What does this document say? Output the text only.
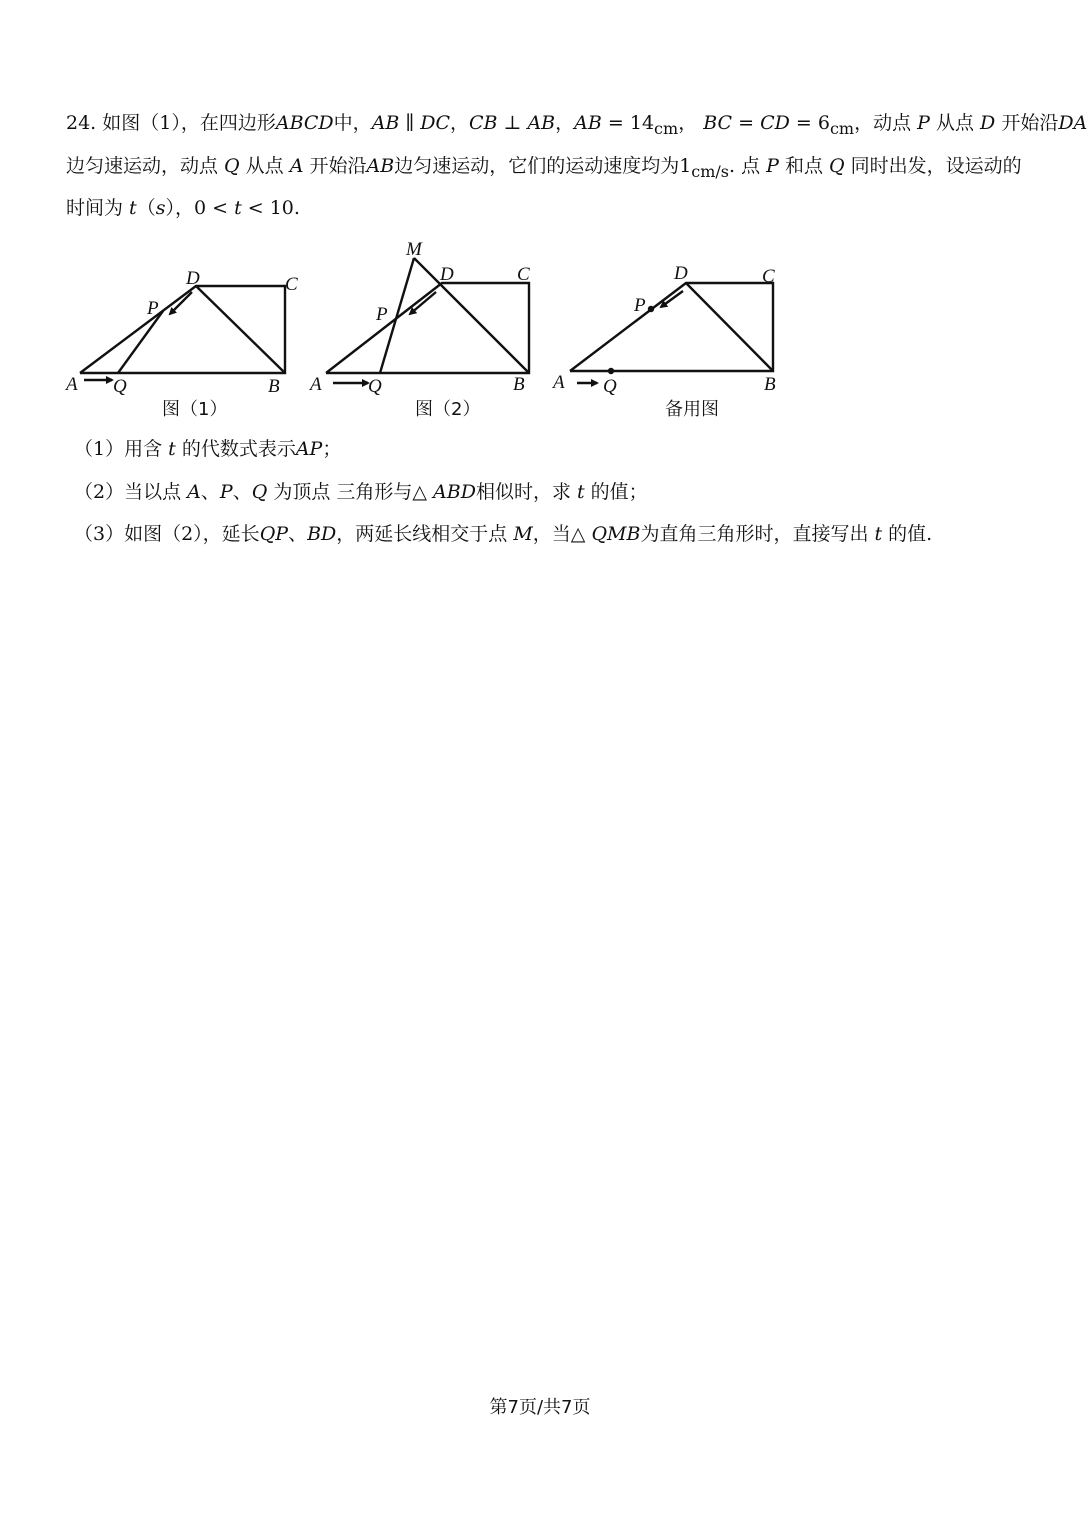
24. 如图（1），在四边形ABCD中，AB ∥ DC，CB ⊥ AB，AB = $14_{cm}$， BC = CD = $6_{cm}$，动点 P 从点 D 开始沿DA
边匀速运动，动点 Q 从点 A 开始沿AB边匀速运动，它们的运动速度均为$1_{cm/s}$. 点 P 和点 Q 同时出发，设运动的
时间为 t（s），0 < t < 10.
A Q	B
C
D
P
M
A Q	B
C
D
P
A Q	B
C
D
P
图（1）	图（2）	备用图
（1）用含 t 的代数式表示AP；
（2）当以点 A、P、Q 为顶点 三角形与△ ABD相似时，求 t 的值；
（3）如图（2），延长QP、BD，两延长线相交于点 M，当△ QMB为直角三角形时，直接写出 t 的值.
第7页/共7页
